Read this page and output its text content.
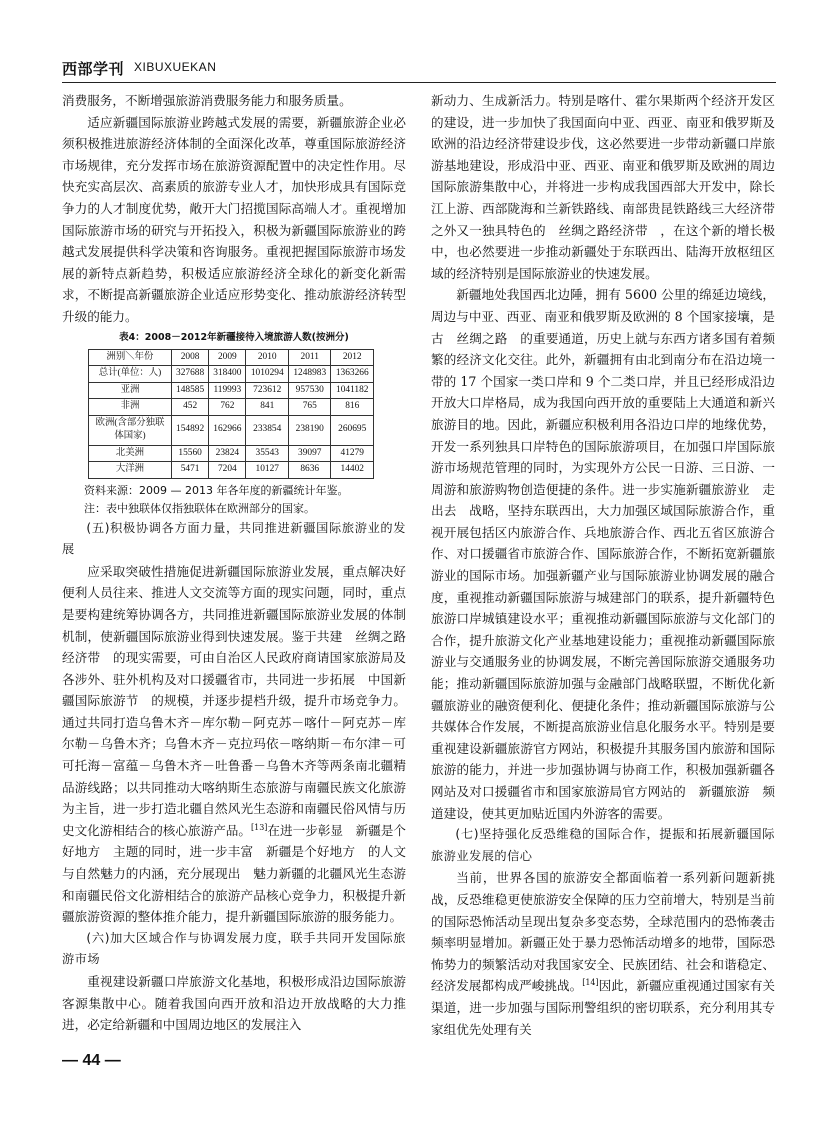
西部学刊 XIBUXUEKAN

消费服务，不断增强旅游消费服务能力和服务质量。

适应新疆国际旅游业跨越式发展的需要，新疆旅游企业必须积极推进旅游经济体制的全面深化改革，尊重国际旅游经济市场规律，充分发挥市场在旅游资源配置中的决定性作用。尽快充实高层次、高素质的旅游专业人才，加快形成具有国际竞争力的人才制度优势，敞开大门招揽国际高端人才。重视增加国际旅游市场的研究与开拓投入，积极为新疆国际旅游业的跨越式发展提供科学决策和咨询服务。重视把握国际旅游市场发展的新特点新趋势，积极适应旅游经济全球化的新变化新需求，不断提高新疆旅游企业适应形势变化、推动旅游经济转型升级的能力。

表4：2008－2012年新疆接待入境旅游人数(按洲分)
洲别＼年份	2008	2009	2010	2011	2012
总计(单位：人)	327688	318400	1010294	1248983	1363266
亚洲	148585	119993	723612	957530	1041182
非洲	452	762	841	765	816
欧洲(含部分独联体国家)	154892	162966	233854	238190	260695
北美洲	15560	23824	35543	39097	41279
大洋洲	5471	7204	10127	8636	14402

资料来源：2009 — 2013 年各年度的新疆统计年鉴。

注：表中独联体仅指独联体在欧洲部分的国家。

(五)积极协调各方面力量，共同推进新疆国际旅游业的发展

应采取突破性措施促进新疆国际旅游业发展，重点解决好便利人员往来、推进人文交流等方面的现实问题，同时，重点是要构建统筹协调各方，共同推进新疆国际旅游业发展的体制机制，使新疆国际旅游业得到快速发展。鉴于共建　丝绸之路经济带　的现实需要，可由自治区人民政府商请国家旅游局及各涉外、驻外机构及对口援疆省市，共同进一步拓展　中国新疆国际旅游节　的规模，并逐步提档升级，提升市场竞争力。通过共同打造乌鲁木齐－库尔勒－阿克苏－喀什－阿克苏－库尔勒－乌鲁木齐；乌鲁木齐－克拉玛依－喀纳斯－布尔津－可可托海－富蕴－乌鲁木齐－吐鲁番－乌鲁木齐等两条南北疆精品游线路；以共同推动大喀纳斯生态旅游与南疆民族文化旅游为主旨，进一步打造北疆自然风光生态游和南疆民俗风情与历史文化游相结合的核心旅游产品。[13]在进一步彰显　新疆是个好地方　主题的同时，进一步丰富　新疆是个好地方　的人文与自然魅力的内涵，充分展现出　魅力新疆的北疆风光生态游和南疆民俗文化游相结合的旅游产品核心竞争力，积极提升新疆旅游资源的整体推介能力，提升新疆国际旅游的服务能力。

(六)加大区域合作与协调发展力度，联手共同开发国际旅游市场

重视建设新疆口岸旅游文化基地，积极形成沿边国际旅游客源集散中心。随着我国向西开放和沿边开放战略的大力推进，必定给新疆和中国周边地区的发展注入

新动力、生成新活力。特别是喀什、霍尔果斯两个经济开发区的建设，进一步加快了我国面向中亚、西亚、南亚和俄罗斯及欧洲的沿边经济带建设步伐，这必然要进一步带动新疆口岸旅游基地建设，形成沿中亚、西亚、南亚和俄罗斯及欧洲的周边国际旅游集散中心，并将进一步构成我国西部大开发中，除长江上游、西部陇海和兰新铁路线、南部贵昆铁路线三大经济带之外又一独具特色的　丝绸之路经济带　，在这个新的增长极中，也必然要进一步推动新疆处于东联西出、陆海开放枢纽区域的经济特别是国际旅游业的快速发展。

新疆地处我国西北边陲，拥有 5600 公里的绵延边境线，周边与中亚、西亚、南亚和俄罗斯及欧洲的 8 个国家接壤，是古　丝绸之路　的重要通道，历史上就与东西方诸多国有着频繁的经济文化交往。此外，新疆拥有由北到南分布在沿边境一带的 17 个国家一类口岸和 9 个二类口岸，并且已经形成沿边开放大口岸格局，成为我国向西开放的重要陆上大通道和新兴旅游目的地。因此，新疆应积极利用各沿边口岸的地缘优势，开发一系列独具口岸特色的国际旅游项目，在加强口岸国际旅游市场规范管理的同时，为实现外方公民一日游、三日游、一周游和旅游购物创造便捷的条件。进一步实施新疆旅游业　走出去　战略，坚持东联西出，大力加强区域国际旅游合作，重视开展包括区内旅游合作、兵地旅游合作、西北五省区旅游合作、对口援疆省市旅游合作、国际旅游合作，不断拓宽新疆旅游业的国际市场。加强新疆产业与国际旅游业协调发展的融合度，重视推动新疆国际旅游与城建部门的联系，提升新疆特色旅游口岸城镇建设水平；重视推动新疆国际旅游与文化部门的合作，提升旅游文化产业基地建设能力；重视推动新疆国际旅游业与交通服务业的协调发展，不断完善国际旅游交通服务功能；推动新疆国际旅游加强与金融部门战略联盟，不断优化新疆旅游业的融资便利化、便捷化条件；推动新疆国际旅游与公共媒体合作发展，不断提高旅游业信息化服务水平。特别是要重视建设新疆旅游官方网站，积极提升其服务国内旅游和国际旅游的能力，并进一步加强协调与协商工作，积极加强新疆各网站及对口援疆省市和国家旅游局官方网站的　新疆旅游　频道建设，使其更加贴近国内外游客的需要。

(七)坚持强化反恐维稳的国际合作，提振和拓展新疆国际旅游业发展的信心

当前，世界各国的旅游安全都面临着一系列新问题新挑战，反恐维稳更使旅游安全保障的压力空前增大，特别是当前的国际恐怖活动呈现出复杂多变态势，全球范围内的恐怖袭击频率明显增加。新疆正处于暴力恐怖活动增多的地带，国际恐怖势力的频繁活动对我国家安全、民族团结、社会和谐稳定、经济发展都构成严峻挑战。[14]因此，新疆应重视通过国家有关渠道，进一步加强与国际刑警组织的密切联系，充分利用其专家组优先处理有关

— 44 —
